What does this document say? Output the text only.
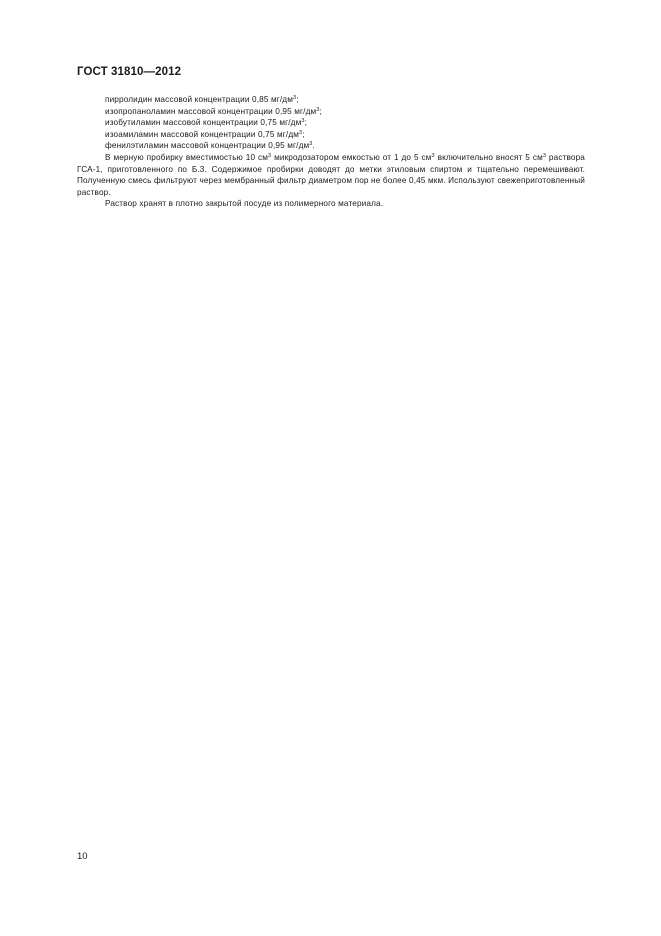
ГОСТ 31810—2012

пирролидин массовой концентрации 0,85 $мг/дм^3$;

изопропаноламин массовой концентрации 0,95 $мг/дм^3$;

изобутиламин массовой концентрации 0,75 $мг/дм^3$;

изоамиламин массовой концентрации 0,75 $мг/дм^3$;

фенилэтиламин массовой концентрации 0,95 $мг/дм^3$.

В мерную пробирку вместимостью 10 $см^3$ микродозатором емкостью от 1 до 5 $см^3$ включительно вносят 5 $см^3$ раствора ГСА-1, приготовленного по Б.3. Содержимое пробирки доводят до метки этиловым спиртом и тщательно перемешивают. Полученную смесь фильтруют через мембранный фильтр диаметром пор не более 0,45 мкм. Используют свежеприготовленный раствор.

Раствор хранят в плотно закрытой посуде из полимерного материала.

10
